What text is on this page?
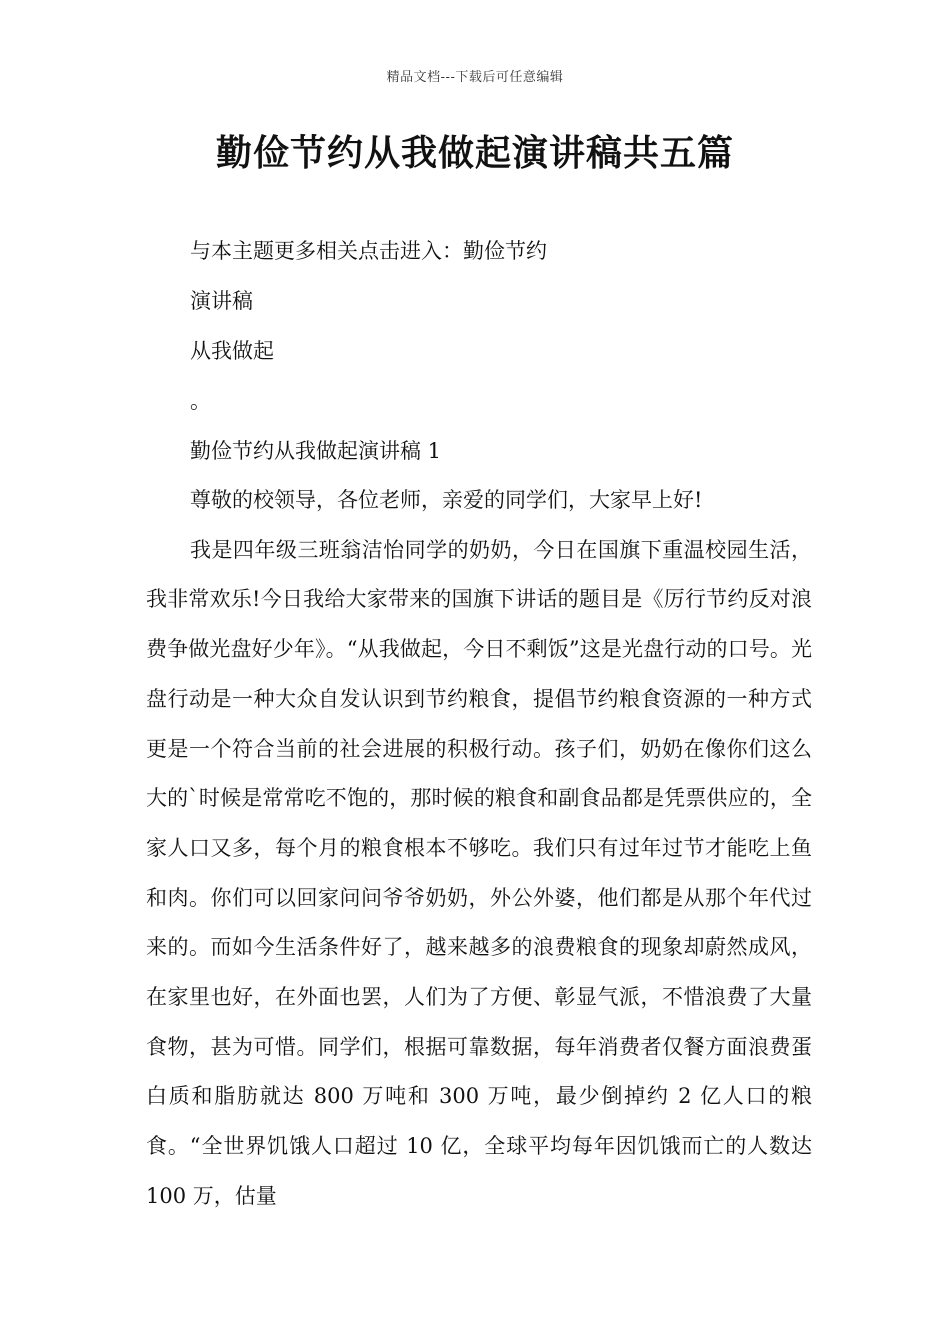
精品文档---下载后可任意编辑
勤俭节约从我做起演讲稿共五篇
与本主题更多相关点击进入：勤俭节约
演讲稿
从我做起
。
勤俭节约从我做起演讲稿 1

尊敬的校领导，各位老师，亲爱的同学们，大家早上好!

我是四年级三班翁洁怡同学的奶奶，今日在国旗下重温校园生活，我非常欢乐!今日我给大家带来的国旗下讲话的题目是《厉行节约反对浪费争做光盘好少年》。“从我做起，今日不剩饭”这是光盘行动的口号。光盘行动是一种大众自发认识到节约粮食，提倡节约粮食资源的一种方式更是一个符合当前的社会进展的积极行动。孩子们，奶奶在像你们这么大的`时候是常常吃不饱的，那时候的粮食和副食品都是凭票供应的，全家人口又多，每个月的粮食根本不够吃。我们只有过年过节才能吃上鱼和肉。你们可以回家问问爷爷奶奶，外公外婆，他们都是从那个年代过来的。而如今生活条件好了，越来越多的浪费粮食的现象却蔚然成风，在家里也好，在外面也罢，人们为了方便、彰显气派，不惜浪费了大量食物，甚为可惜。同学们，根据可靠数据，每年消费者仅餐方面浪费蛋白质和脂肪就达 800 万吨和 300 万吨，最少倒掉约 2 亿人口的粮食。“全世界饥饿人口超过 10 亿，全球平均每年因饥饿而亡的人数达 100 万，估量
